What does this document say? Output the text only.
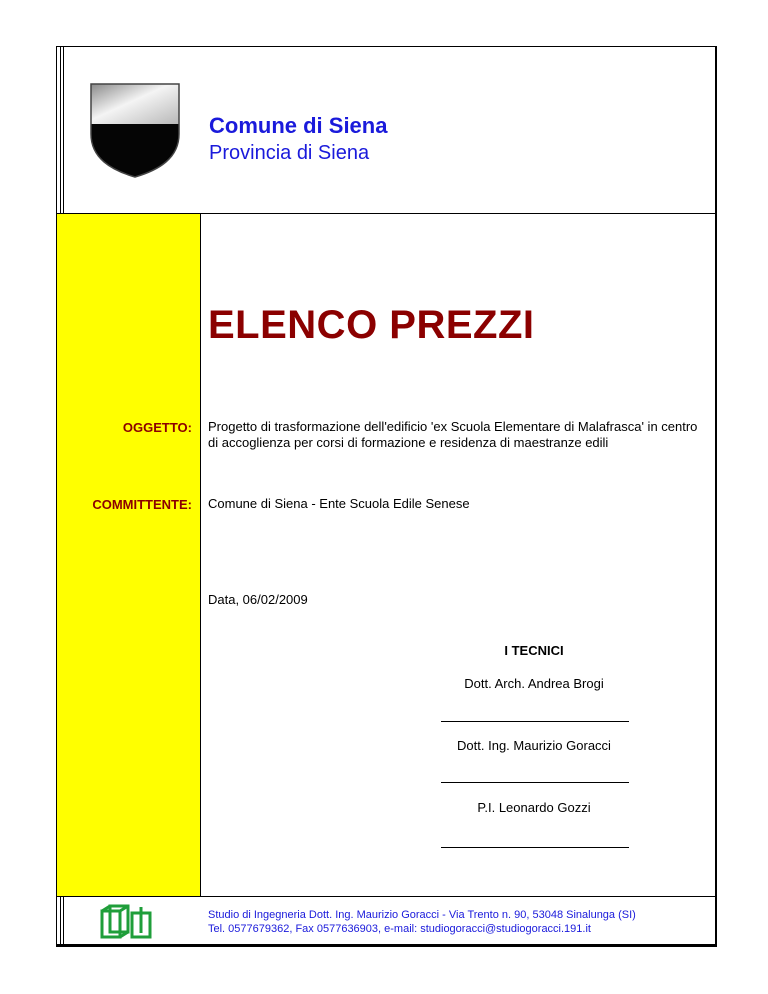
Comune di Siena
Provincia di Siena
ELENCO PREZZI
OGGETTO: Progetto di trasformazione dell'edificio 'ex Scuola Elementare di Malafrasca' in centro di accoglienza per corsi di formazione e residenza di maestranze edili
COMMITTENTE: Comune di Siena - Ente Scuola Edile Senese
Data, 06/02/2009
I TECNICI
Dott. Arch. Andrea Brogi
Dott. Ing. Maurizio Goracci
P.I. Leonardo Gozzi
Studio di Ingegneria Dott. Ing. Maurizio Goracci - Via Trento n. 90, 53048 Sinalunga (SI)
Tel. 0577679362, Fax 0577636903, e-mail: studiogoracci@studiogoracci.191.it
